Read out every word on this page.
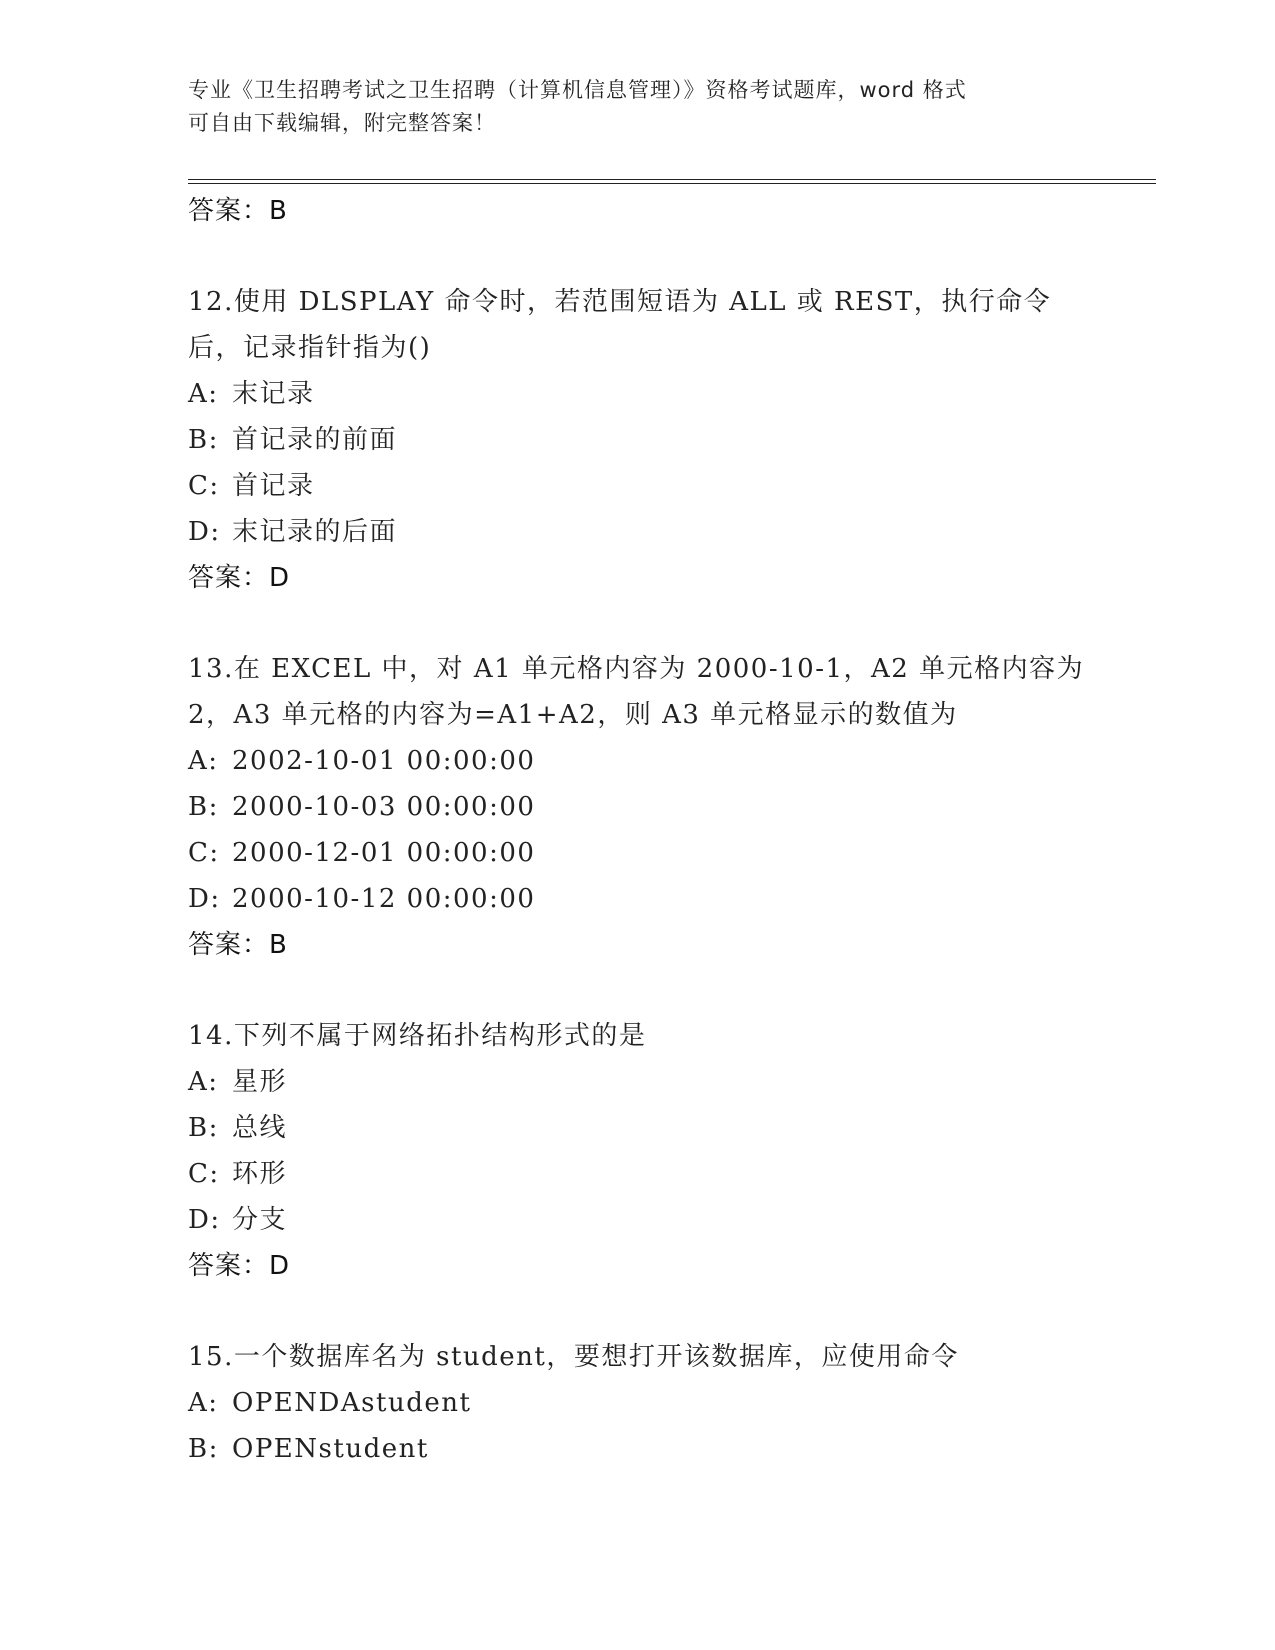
专业《卫生招聘考试之卫生招聘（计算机信息管理）》资格考试题库，word 格式
可自由下载编辑，附完整答案！
答案：B
12.使用 DLSPLAY 命令时，若范围短语为 ALL 或 REST，执行命令后，记录指针指为()
A: 末记录
B: 首记录的前面
C: 首记录
D: 末记录的后面
答案：D
13.在 EXCEL 中，对 A1 单元格内容为 2000-10-1，A2 单元格内容为 2，A3 单元格的内容为=A1+A2，则 A3 单元格显示的数值为
A: 2002-10-01 00:00:00
B: 2000-10-03 00:00:00
C: 2000-12-01 00:00:00
D: 2000-10-12 00:00:00
答案：B
14.下列不属于网络拓扑结构形式的是
A: 星形
B: 总线
C: 环形
D: 分支
答案：D
15.一个数据库名为 student，要想打开该数据库，应使用命令
A: OPENDAstudent
B: OPENstudent
